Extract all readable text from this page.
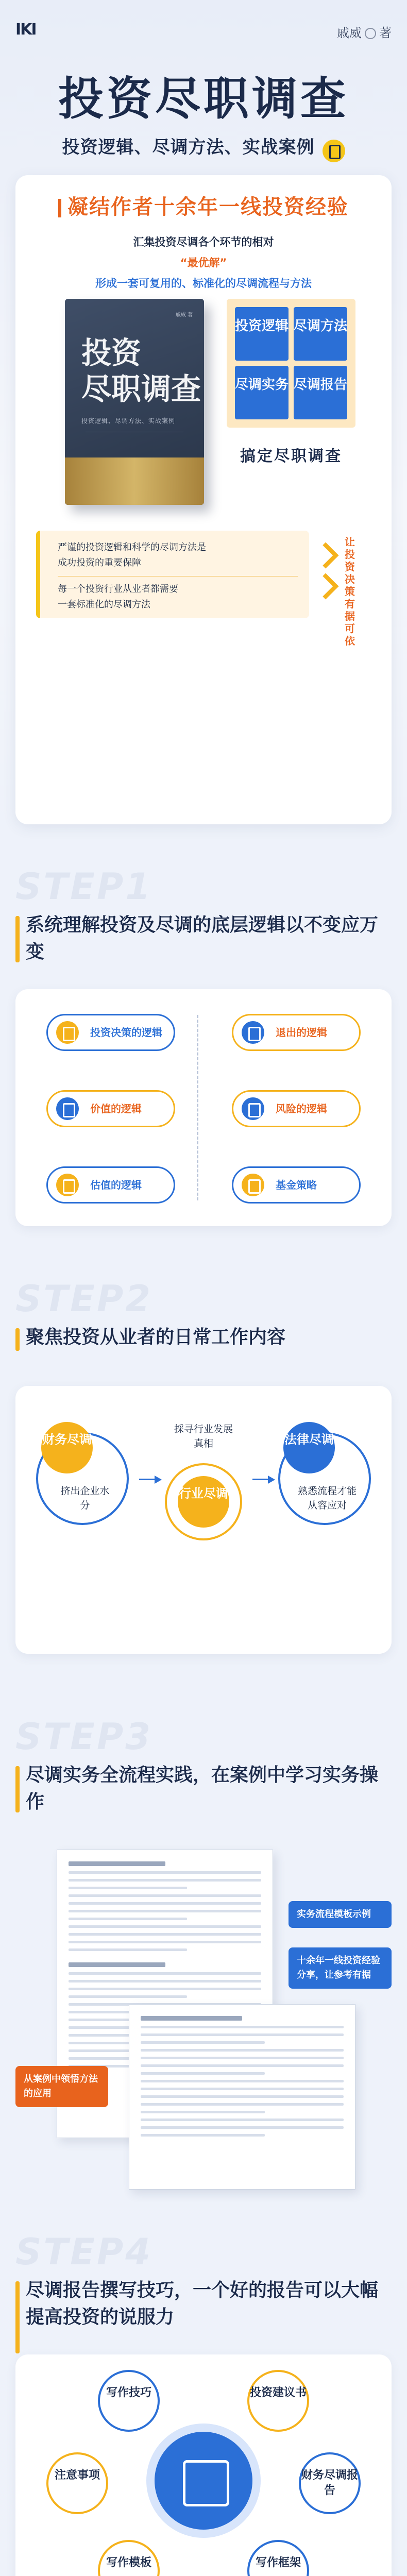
IKI	戚威 著
投资尽职调查
投资逻辑、尽调方法、实战案例
凝结作者十余年一线投资经验
汇集投资尽调各个环节的相对
“最优解”
形成一套可复用的、标准化的尽调流程与方法
戚威 著
投资
尽职调查
投资逻辑、尽调方法、实战案例
投资逻辑 尽调方法
尽调实务 尽调报告
搞定尽职调查
严谨的投资逻辑和科学的尽调方法是
成功投资的重要保障
每一个投资行业从业者都需要
一套标准化的尽调方法
让投资决策有据可依
STEP1
系统理解投资及尽调的底层逻辑以不变应万变
投资决策的逻辑	退出的逻辑
价值的逻辑	风险的逻辑
估值的逻辑	基金策略
STEP2
聚焦投资从业者的日常工作内容
财务尽调
挤出企业水分
採寻行业发展真相
行业尽调
法律尽调
熟悉流程才能从容应对
STEP3
尽调实务全流程实践，在案例中学习实务操作
实务流程模板示例
十余年一线投资经验分享，让参考有据
从案例中领悟方法的应用
STEP4
尽调报告撰写技巧，一个好的报告可以大幅提高投资的说服力
写作技巧	投资建议书
注意事项	财务尽调报告
写作模板	写作框架
